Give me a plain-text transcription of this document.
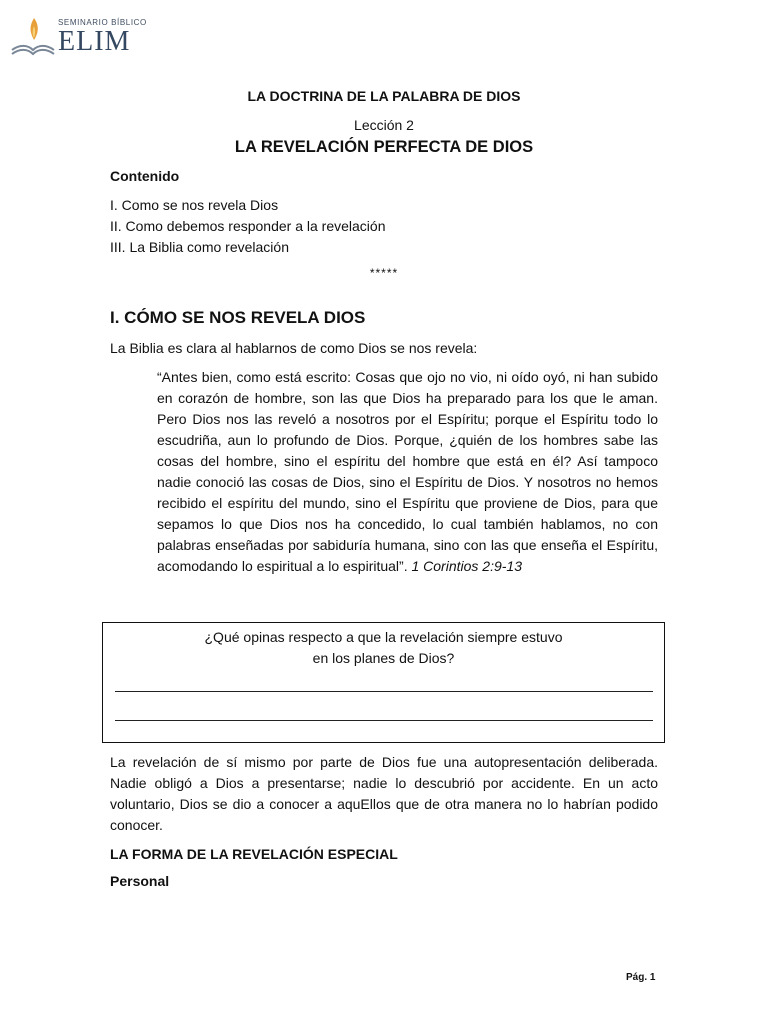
SEMINARIO BÍBLICO
ELIM

LA DOCTRINA DE LA PALABRA DE DIOS

Lección 2

LA REVELACIÓN PERFECTA DE DIOS

Contenido

I. Como se nos revela Dios
II. Como debemos responder a la revelación
III. La Biblia como revelación

*****

I. CÓMO SE NOS REVELA DIOS

La Biblia es clara al hablarnos de como Dios se nos revela:

“Antes bien, como está escrito: Cosas que ojo no vio, ni oído oyó, ni han subido en corazón de hombre, son las que Dios ha preparado para los que le aman. Pero Dios nos las reveló a nosotros por el Espíritu; porque el Espíritu todo lo escudriña, aun lo profundo de Dios. Porque, ¿quién de los hombres sabe las cosas del hombre, sino el espíritu del hombre que está en él? Así tampoco nadie conoció las cosas de Dios, sino el Espíritu de Dios. Y nosotros no hemos recibido el espíritu del mundo, sino el Espíritu que proviene de Dios, para que sepamos lo que Dios nos ha concedido, lo cual también hablamos, no con palabras enseñadas por sabiduría humana, sino con las que enseña el Espíritu, acomodando lo espiritual a lo espiritual”. 1 Corintios 2:9-13
¿Qué opinas respecto a que la revelación siempre estuvo
en los planes de Dios?

La revelación de sí mismo por parte de Dios fue una autopresentación deliberada. Nadie obligó a Dios a presentarse; nadie lo descubrió por accidente. En un acto voluntario, Dios se dio a conocer a aquEllos que de otra manera no lo habrían podido conocer.

LA FORMA DE LA REVELACIÓN ESPECIAL

Personal

Pág. 1
